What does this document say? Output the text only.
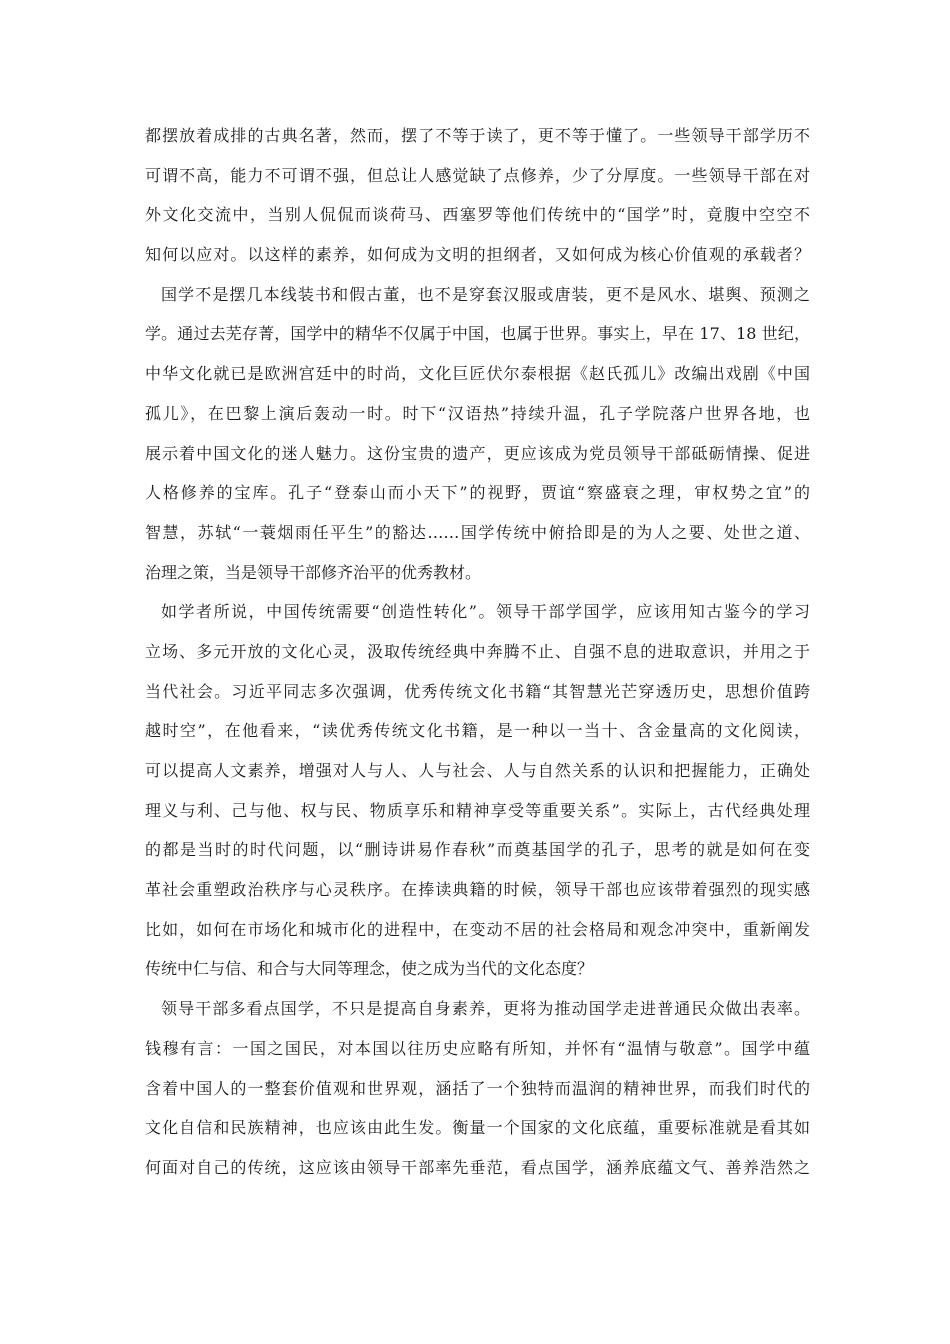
都摆放着成排的古典名著，然而，摆了不等于读了，更不等于懂了。一些领导干部学历不
可谓不高，能力不可谓不强，但总让人感觉缺了点修养，少了分厚度。一些领导干部在对
外文化交流中，当别人侃侃而谈荷马、西塞罗等他们传统中的“国学”时，竟腹中空空不
知何以应对。以这样的素养，如何成为文明的担纲者，又如何成为核心价值观的承载者？
国学不是摆几本线装书和假古董，也不是穿套汉服或唐装，更不是风水、堪舆、预测之
学。通过去芜存菁，国学中的精华不仅属于中国，也属于世界。事实上，早在 17、18 世纪，
中华文化就已是欧洲宫廷中的时尚，文化巨匠伏尔泰根据《赵氏孤儿》改编出戏剧《中国
孤儿》，在巴黎上演后轰动一时。时下“汉语热”持续升温，孔子学院落户世界各地，也
展示着中国文化的迷人魅力。这份宝贵的遗产，更应该成为党员领导干部砥砺情操、促进
人格修养的宝库。孔子“登泰山而小天下”的视野，贾谊“察盛衰之理，审权势之宜”的
智慧，苏轼“一蓑烟雨任平生”的豁达……国学传统中俯拾即是的为人之要、处世之道、
治理之策，当是领导干部修齐治平的优秀教材。
如学者所说，中国传统需要“创造性转化”。领导干部学国学，应该用知古鉴今的学习
立场、多元开放的文化心灵，汲取传统经典中奔腾不止、自强不息的进取意识，并用之于
当代社会。习近平同志多次强调，优秀传统文化书籍“其智慧光芒穿透历史，思想价值跨
越时空”，在他看来，“读优秀传统文化书籍，是一种以一当十、含金量高的文化阅读，
可以提高人文素养，增强对人与人、人与社会、人与自然关系的认识和把握能力，正确处
理义与利、己与他、权与民、物质享乐和精神享受等重要关系”。实际上，古代经典处理
的都是当时的时代问题，以“删诗讲易作春秋”而奠基国学的孔子，思考的就是如何在变
革社会重塑政治秩序与心灵秩序。在捧读典籍的时候，领导干部也应该带着强烈的现实感
比如，如何在市场化和城市化的进程中，在变动不居的社会格局和观念冲突中，重新阐发
传统中仁与信、和合与大同等理念，使之成为当代的文化态度？
领导干部多看点国学，不只是提高自身素养，更将为推动国学走进普通民众做出表率。
钱穆有言：一国之国民，对本国以往历史应略有所知，并怀有“温情与敬意”。国学中蕴
含着中国人的一整套价值观和世界观，涵括了一个独特而温润的精神世界，而我们时代的
文化自信和民族精神，也应该由此生发。衡量一个国家的文化底蕴，重要标准就是看其如
何面对自己的传统，这应该由领导干部率先垂范，看点国学，涵养底蕴文气、善养浩然之
